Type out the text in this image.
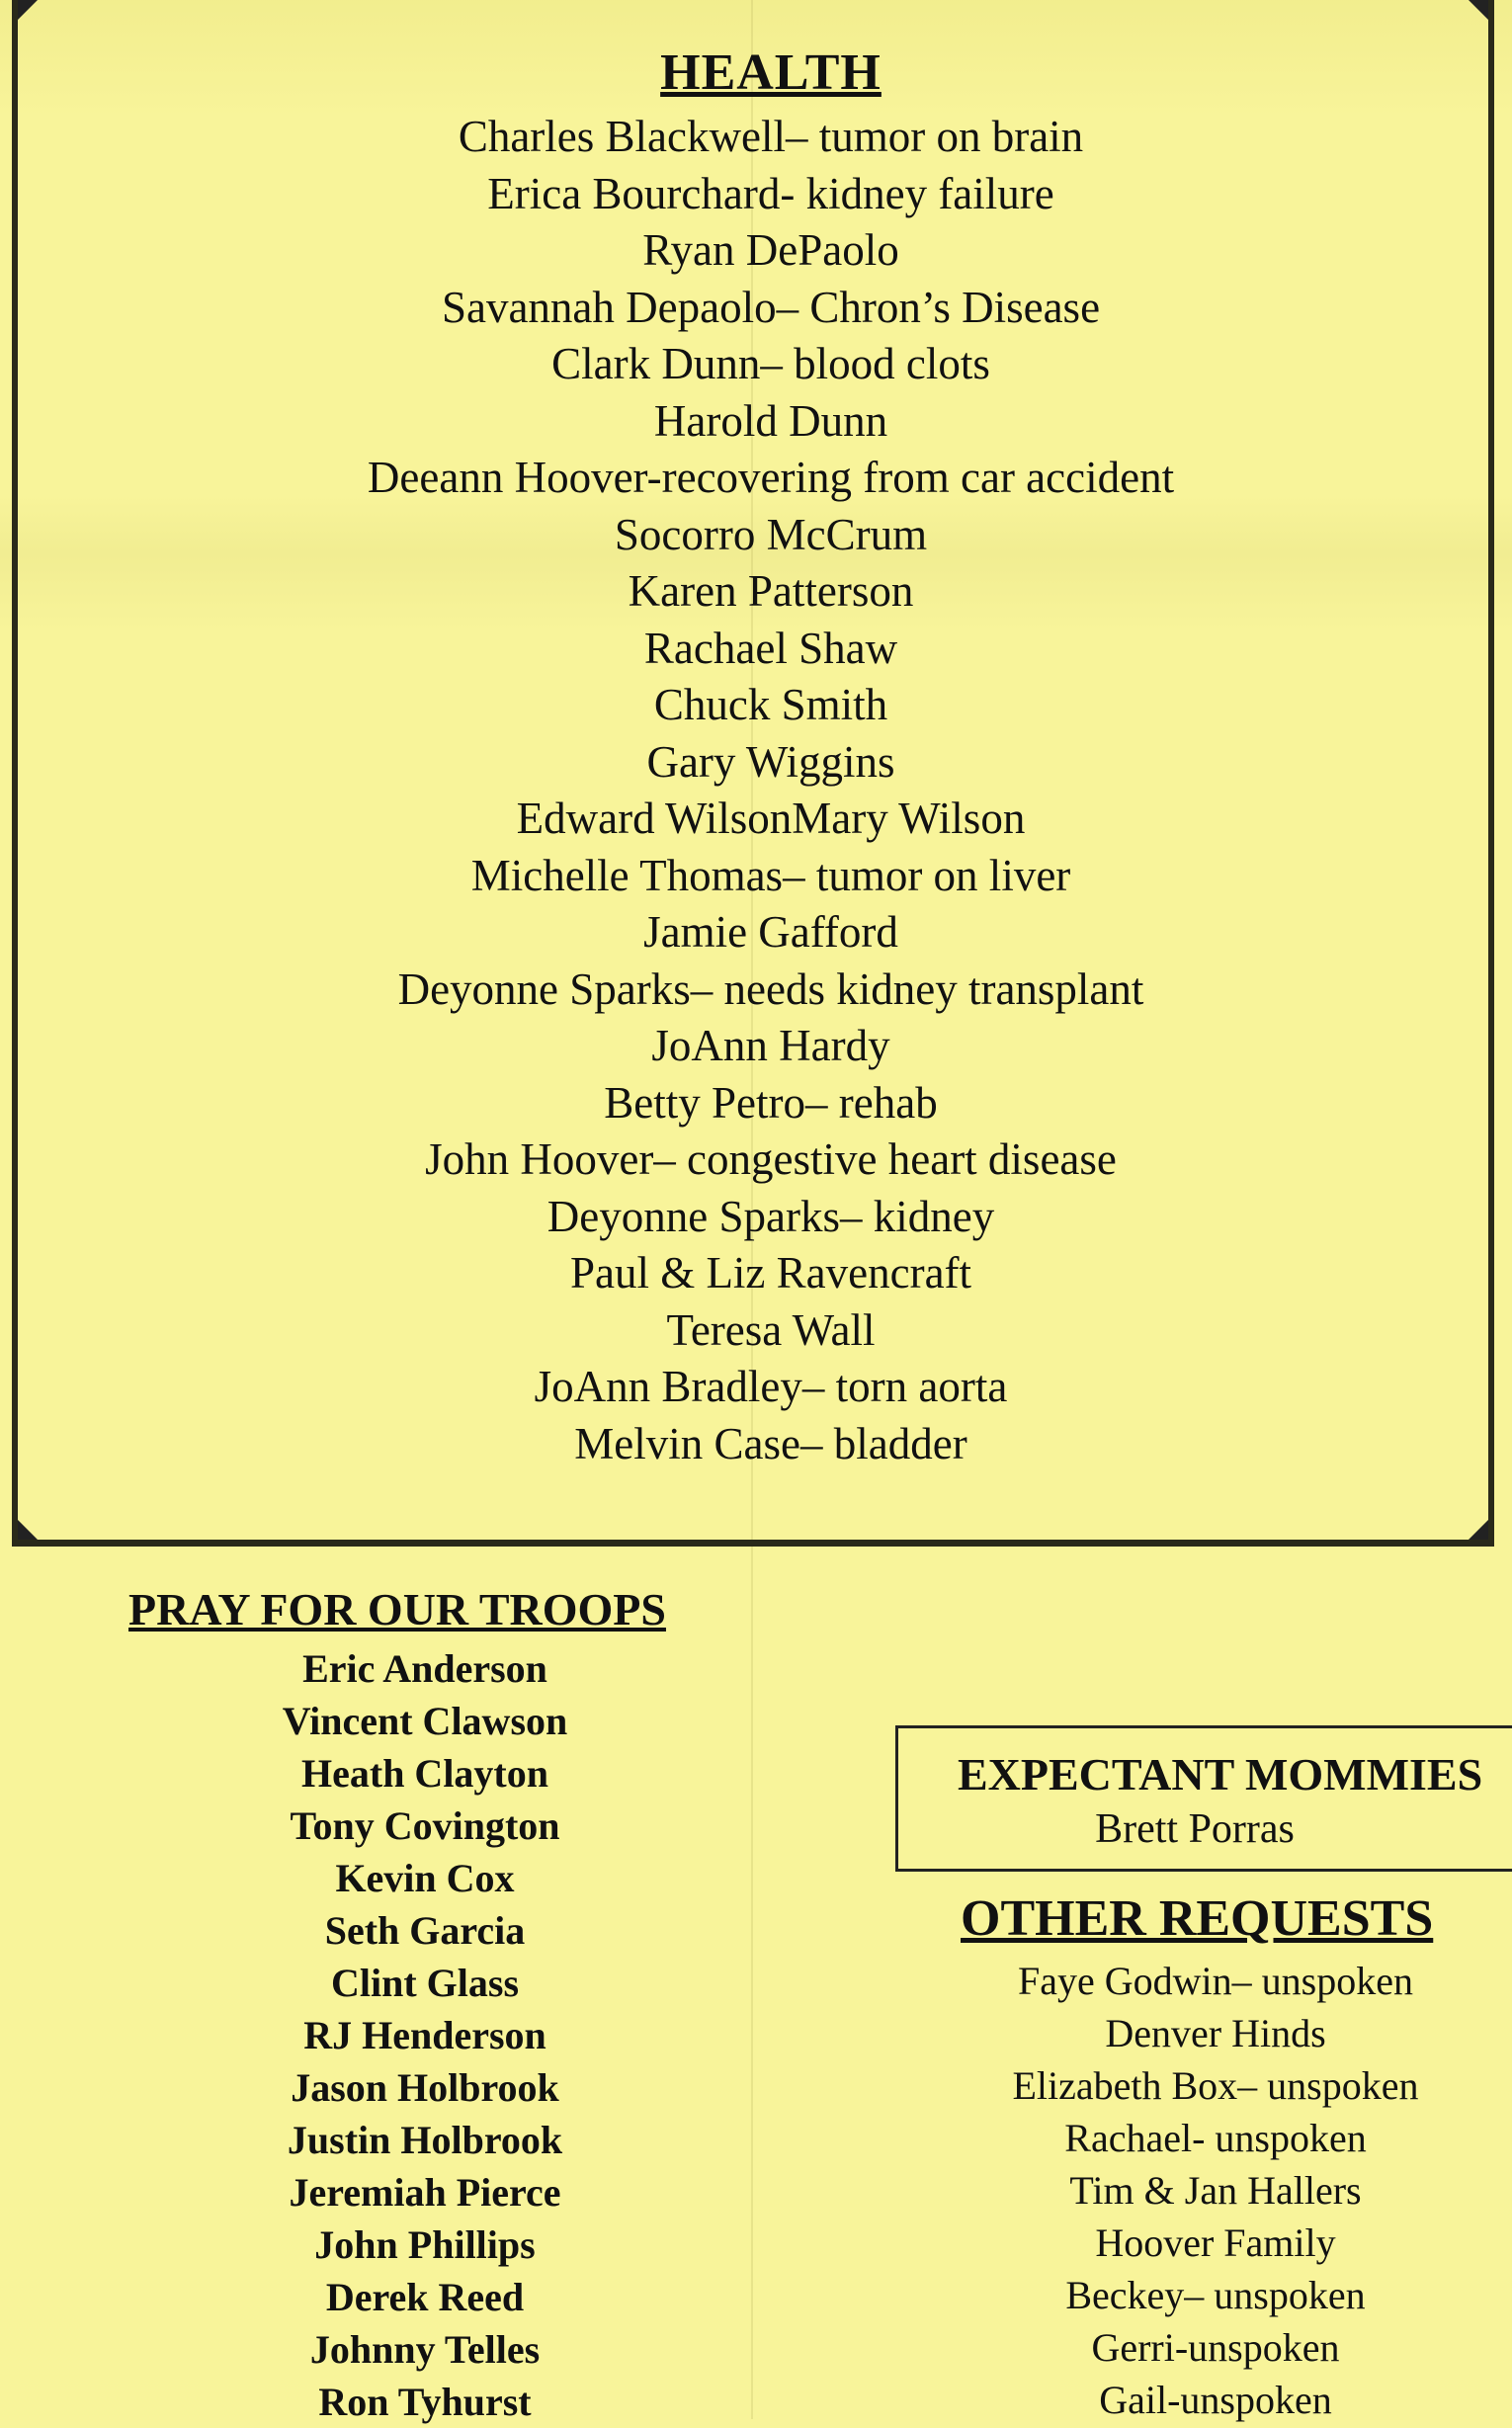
HEALTH
Charles Blackwell– tumor on brain
Erica Bourchard- kidney failure
Ryan DePaolo
Savannah Depaolo– Chron’s Disease
Clark Dunn– blood clots
Harold Dunn
Deeann Hoover-recovering from car accident
Socorro McCrum
Karen Patterson
Rachael Shaw
Chuck Smith
Gary Wiggins
Edward WilsonMary Wilson
Michelle Thomas– tumor on liver
Jamie Gafford
Deyonne Sparks– needs kidney transplant
JoAnn Hardy
Betty Petro– rehab
John Hoover– congestive heart disease
Deyonne Sparks– kidney
Paul & Liz Ravencraft
Teresa Wall
JoAnn Bradley– torn aorta
Melvin Case– bladder
PRAY FOR OUR TROOPS
Eric Anderson
Vincent Clawson
Heath Clayton
Tony Covington
Kevin Cox
Seth Garcia
Clint Glass
RJ Henderson
Jason Holbrook
Justin Holbrook
Jeremiah Pierce
John Phillips
Derek Reed
Johnny Telles
Ron Tyhurst
EXPECTANT MOMMIES
Brett Porras
OTHER REQUESTS
Faye Godwin– unspoken
Denver Hinds
Elizabeth Box– unspoken
Rachael- unspoken
Tim & Jan Hallers
Hoover Family
Beckey– unspoken
Gerri-unspoken
Gail-unspoken
